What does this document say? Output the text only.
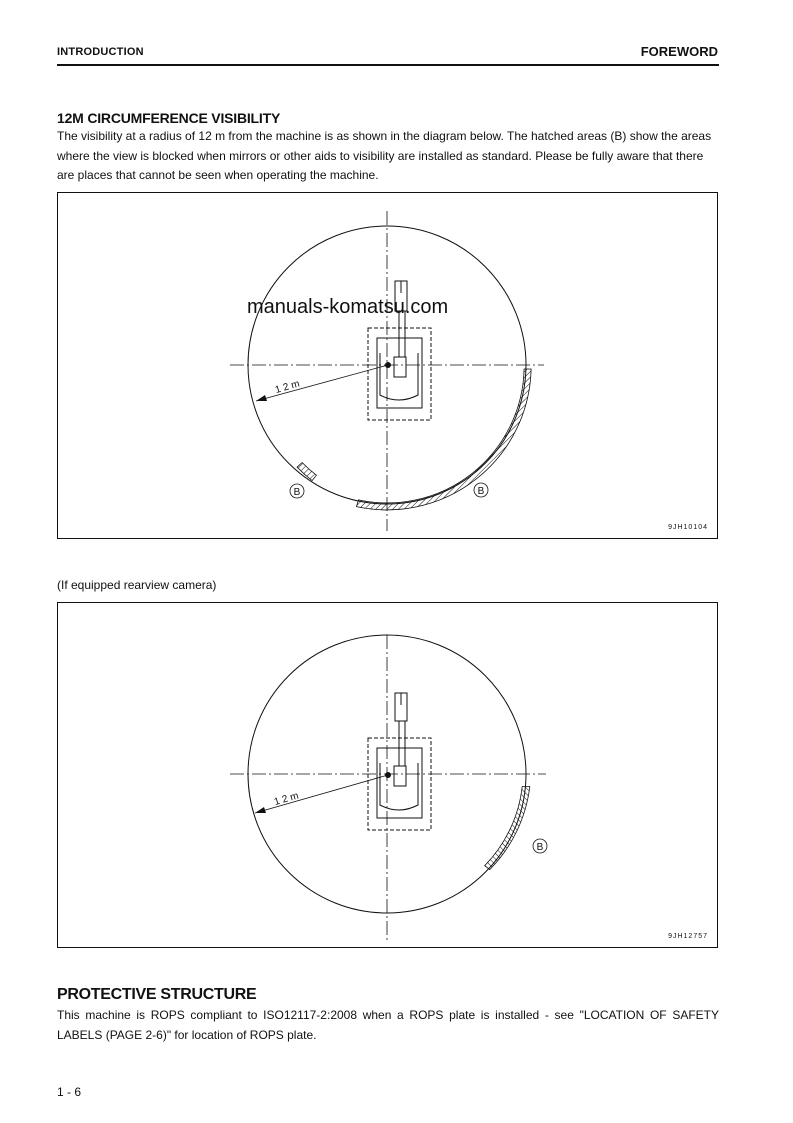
INTRODUCTION	FOREWORD
12M CIRCUMFERENCE VISIBILITY
The visibility at a radius of 12 m from the machine is as shown in the diagram below. The hatched areas (B) show the areas where the view is blocked when mirrors or other aids to visibility are installed as standard. Please be fully aware that there are places that cannot be seen when operating the machine.
1 2 m
B	B
9JH10104
manuals-komatsu.com
(If equipped rearview camera)
1 2 m
B
9JH12757
PROTECTIVE STRUCTURE
This machine is ROPS compliant to ISO12117-2:2008 when a ROPS plate is installed - see "LOCATION OF SAFETY LABELS (PAGE 2-6)" for location of ROPS plate.
1 - 6
